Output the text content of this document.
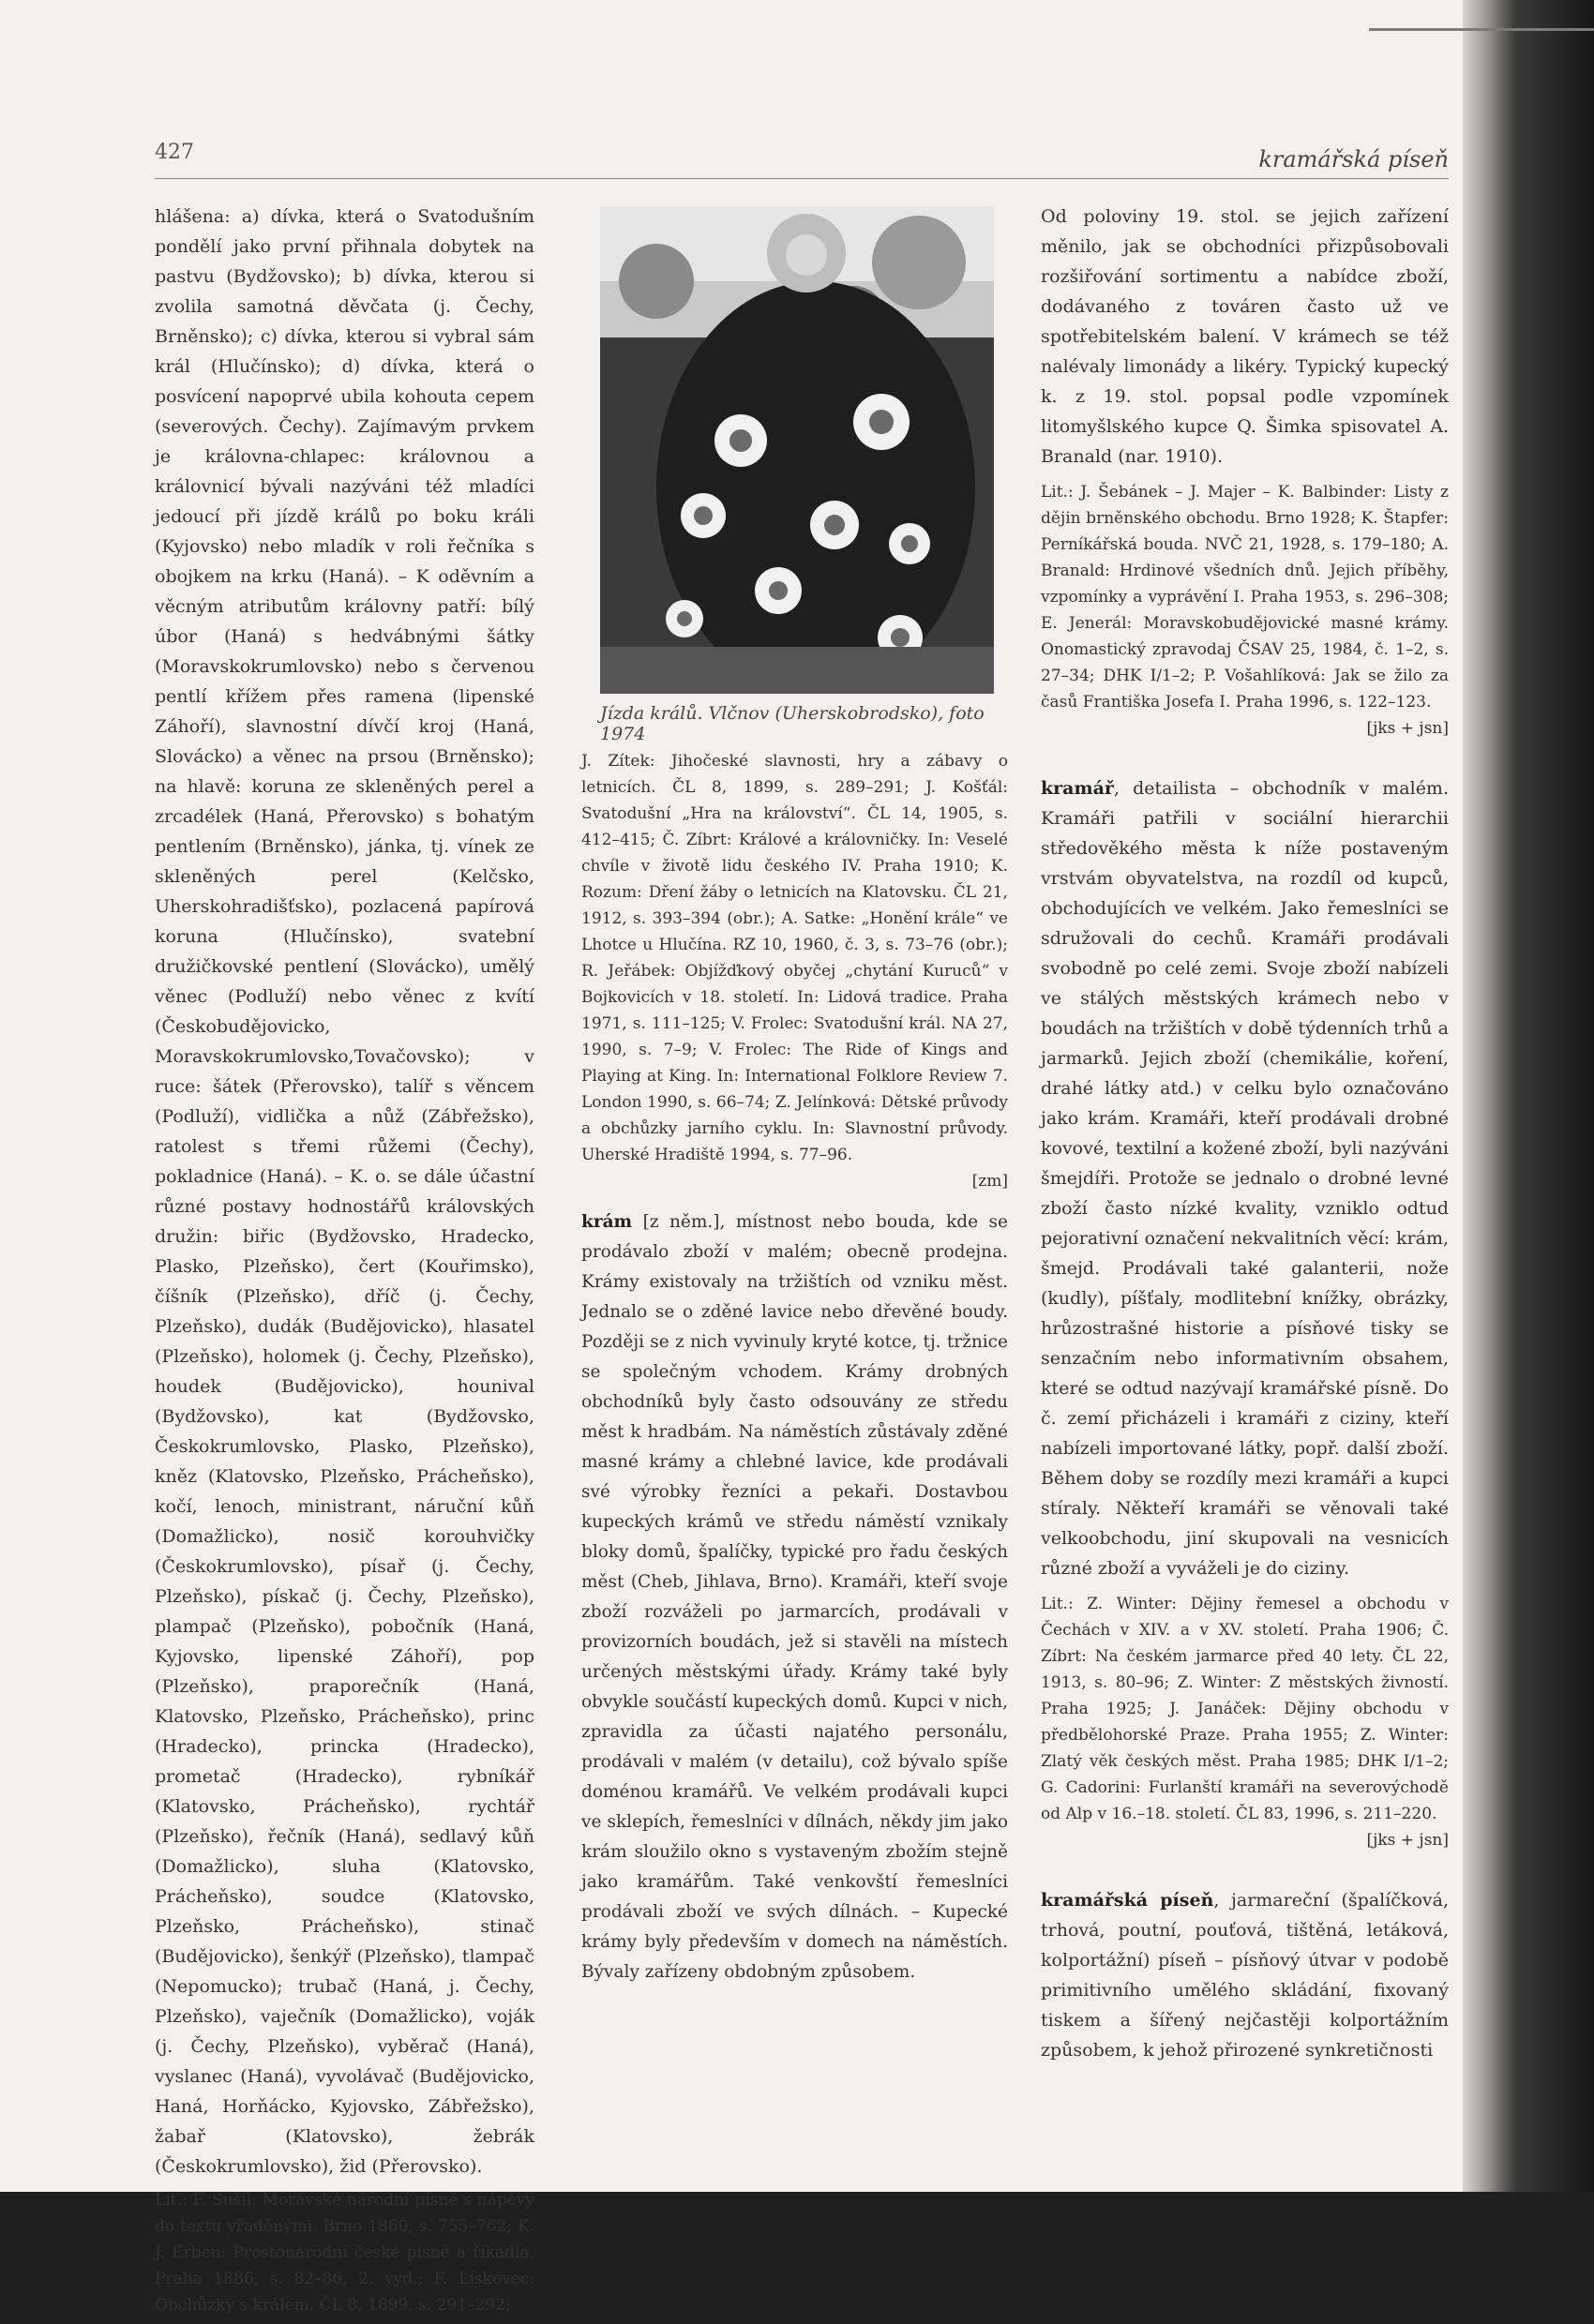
427	kramářská píseň

hlášena: a) dívka, která o Svatodušním pondělí jako první přihnala dobytek na pastvu (Bydžovsko); b) dívka, kterou si zvolila samotná děvčata (j. Čechy, Brněnsko); c) dívka, kterou si vybral sám král (Hlučínsko); d) dívka, která o posvícení napoprvé ubila kohouta cepem (severových. Čechy). Zajímavým prvkem je královna-chlapec: královnou a královnicí bývali nazýváni též mladíci jedoucí při jízdě králů po boku králi (Kyjovsko) nebo mladík v roli řečníka s obojkem na krku (Haná). – K oděvním a věcným atributům královny patří: bílý úbor (Haná) s hedvábnými šátky (Moravskokrumlovsko) nebo s červenou pentlí křížem přes ramena (lipenské Záhoří), slavnostní dívčí kroj (Haná, Slovácko) a věnec na prsou (Brněnsko); na hlavě: koruna ze skleněných perel a zrcadélek (Haná, Přerovsko) s bohatým pentlením (Brněnsko), jánka, tj. vínek ze skleněných perel (Kelčsko, Uherskohradišťsko), pozlacená papírová koruna (Hlučínsko), svatební družičkovské pentlení (Slovácko), umělý věnec (Podluží) nebo věnec z kvítí (Českobudějovicko, Moravskokrumlovsko,Tovačovsko); v ruce: šátek (Přerovsko), talíř s věncem (Podluží), vidlička a nůž (Zábřežsko), ratolest s třemi růžemi (Čechy), pokladnice (Haná). – K. o. se dále účastní různé postavy hodnostářů královských družin: biřic (Bydžovsko, Hradecko, Plasko, Plzeňsko), čert (Kouřimsko), číšník (Plzeňsko), dříč (j. Čechy, Plzeňsko), dudák (Budějovicko), hlasatel (Plzeňsko), holomek (j. Čechy, Plzeňsko), houdek (Budějovicko), hounival (Bydžovsko), kat (Bydžovsko, Českokrumlovsko, Plasko, Plzeňsko), kněz (Klatovsko, Plzeňsko, Prácheňsko), kočí, lenoch, ministrant, náruční kůň (Domažlicko), nosič korouhvičky (Českokrumlovsko), písař (j. Čechy, Plzeňsko), pískač (j. Čechy, Plzeňsko), plampač (Plzeňsko), pobočník (Haná, Kyjovsko, lipenské Záhoří), pop (Plzeňsko), praporečník (Haná, Klatovsko, Plzeňsko, Prácheňsko), princ (Hradecko), princka (Hradecko), prometač (Hradecko), rybníkář (Klatovsko, Prácheňsko), rychtář (Plzeňsko), řečník (Haná), sedlavý kůň (Domažlicko), sluha (Klatovsko, Prácheňsko), soudce (Klatovsko, Plzeňsko, Prácheňsko), stinač (Budějovicko), šenkýř (Plzeňsko), tlampač (Nepomucko); trubač (Haná, j. Čechy, Plzeňsko), vaječník (Domažlicko), voják (j. Čechy, Plzeňsko), vyběrač (Haná), vyslanec (Haná), vyvolávač (Budějovicko, Haná, Horňácko, Kyjovsko, Zábřežsko), žabař (Klatovsko), žebrák (Českokrumlovsko), žid (Přerovsko).

Lit.: F. Sušil: Moravské národní písně s nápěvy do textu vřaděnými. Brno 1860, s. 755–762; K. J. Erben: Prostonárodní české písně a říkadla. Praha 1886, s. 82–86, 2. vyd.; F. Lískovec: Obchůzky s králem. ČL 8, 1899, s. 291–292;

Jízda králů. Vlčnov (Uherskobrodsko), foto 1974

J. Zítek: Jihočeské slavnosti, hry a zábavy o letnicích. ČL 8, 1899, s. 289–291; J. Košťál: Svatodušní „Hra na království“. ČL 14, 1905, s. 412–415; Č. Zíbrt: Králové a královničky. In: Veselé chvíle v životě lidu českého IV. Praha 1910; K. Rozum: Dření žáby o letnicích na Klatovsku. ČL 21, 1912, s. 393–394 (obr.); A. Satke: „Honění krále“ ve Lhotce u Hlučína. RZ 10, 1960, č. 3, s. 73–76 (obr.); R. Jeřábek: Objížďkový obyčej „chytání Kuruců“ v Bojkovicích v 18. století. In: Lidová tradice. Praha 1971, s. 111–125; V. Frolec: Svatodušní král. NA 27, 1990, s. 7–9; V. Frolec: The Ride of Kings and Playing at King. In: International Folklore Review 7. London 1990, s. 66–74; Z. Jelínková: Dětské průvody a obchůzky jarního cyklu. In: Slavnostní průvody. Uherské Hradiště 1994, s. 77–96.
[zm]

krám [z něm.], místnost nebo bouda, kde se prodávalo zboží v malém; obecně prodejna. Krámy existovaly na tržištích od vzniku měst. Jednalo se o zděné lavice nebo dřevěné boudy. Později se z nich vyvinuly kryté kotce, tj. tržnice se společným vchodem. Krámy drobných obchodníků byly často odsouvány ze středu měst k hradbám. Na náměstích zůstávaly zděné masné krámy a chlebné lavice, kde prodávali své výrobky řezníci a pekaři. Dostavbou kupeckých krámů ve středu náměstí vznikaly bloky domů, špalíčky, typické pro řadu českých měst (Cheb, Jihlava, Brno). Kramáři, kteří svoje zboží rozváželi po jarmarcích, prodávali v provizorních boudách, jež si stavěli na místech určených městskými úřady. Krámy také byly obvykle součástí kupeckých domů. Kupci v nich, zpravidla za účasti najatého personálu, prodávali v malém (v detailu), což bývalo spíše doménou kramářů. Ve velkém prodávali kupci ve sklepích, řemeslníci v dílnách, někdy jim jako krám sloužilo okno s vystaveným zbožím stejně jako kramářům. Také venkovští řemeslníci prodávali zboží ve svých dílnách. – Kupecké krámy byly především v domech na náměstích. Bývaly zařízeny obdobným způsobem.

Od poloviny 19. stol. se jejich zařízení měnilo, jak se obchodníci přizpůsobovali rozšiřování sortimentu a nabídce zboží, dodávaného z továren často už ve spotřebitelském balení. V krámech se též nalévaly limonády a likéry. Typický kupecký k. z 19. stol. popsal podle vzpomínek litomyšlského kupce Q. Šimka spisovatel A. Branald (nar. 1910).

Lit.: J. Šebánek – J. Majer – K. Balbinder: Listy z dějin brněnského obchodu. Brno 1928; K. Štapfer: Perníkářská bouda. NVČ 21, 1928, s. 179–180; A. Branald: Hrdinové všedních dnů. Jejich příběhy, vzpomínky a vyprávění I. Praha 1953, s. 296–308; E. Jenerál: Moravskobudějovické masné krámy. Onomastický zpravodaj ČSAV 25, 1984, č. 1–2, s. 27–34; DHK I/1–2; P. Vošahlíková: Jak se žilo za časů Františka Josefa I. Praha 1996, s. 122–123.
[jks + jsn]

kramář, detailista – obchodník v malém. Kramáři patřili v sociální hierarchii středověkého města k níže postaveným vrstvám obyvatelstva, na rozdíl od kupců, obchodujících ve velkém. Jako řemeslníci se sdružovali do cechů. Kramáři prodávali svobodně po celé zemi. Svoje zboží nabízeli ve stálých městských krámech nebo v boudách na tržištích v době týdenních trhů a jarmarků. Jejich zboží (chemikálie, koření, drahé látky atd.) v celku bylo označováno jako krám. Kramáři, kteří prodávali drobné kovové, textilní a kožené zboží, byli nazýváni šmejdíři. Protože se jednalo o drobné levné zboží často nízké kvality, vzniklo odtud pejorativní označení nekvalitních věcí: krám, šmejd. Prodávali také galanterii, nože (kudly), píšťaly, modlitební knížky, obrázky, hrůzostrašné historie a písňové tisky se senzačním nebo informativním obsahem, které se odtud nazývají kramářské písně. Do č. zemí přicházeli i kramáři z ciziny, kteří nabízeli importované látky, popř. další zboží. Během doby se rozdíly mezi kramáři a kupci stíraly. Někteří kramáři se věnovali také velkoobchodu, jiní skupovali na vesnicích různé zboží a vyváželi je do ciziny.

Lit.: Z. Winter: Dějiny řemesel a obchodu v Čechách v XIV. a v XV. století. Praha 1906; Č. Zíbrt: Na českém jarmarce před 40 lety. ČL 22, 1913, s. 80–96; Z. Winter: Z městských živností. Praha 1925; J. Janáček: Dějiny obchodu v předbělohorské Praze. Praha 1955; Z. Winter: Zlatý věk českých měst. Praha 1985; DHK I/1–2; G. Cadorini: Furlanští kramáři na severovýchodě od Alp v 16.–18. století. ČL 83, 1996, s. 211–220.
[jks + jsn]

kramářská píseň, jarmareční (špalíčková, trhová, poutní, pouťová, tištěná, letáková, kolportážní) píseň – písňový útvar v podobě primitivního umělého skládání, fixovaný tiskem a šířený nejčastěji kolportážním způsobem, k jehož přirozené synkretičnosti
